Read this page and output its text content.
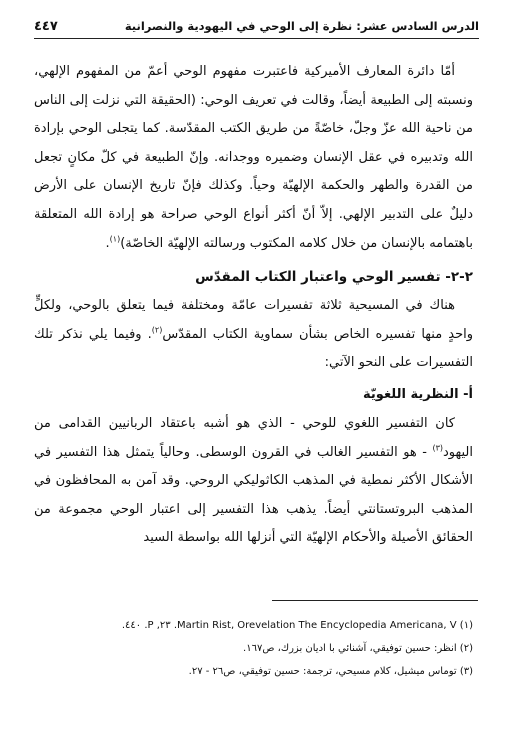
٤٤٧	الدرس السادس عشر: نظرة إلى الوحي في اليهودية والنصرانية

أمّا دائرة المعارف الأميركية فاعتبرت مفهوم الوحي أعمّ من المفهوم الإلهي، ونسبته إلى الطبيعة أيضاً، وقالت في تعريف الوحي: (الحقيقة التي نزلت إلى الناس من ناحية الله عزّ وجلّ، خاصّةً من طريق الكتب المقدّسة. كما يتجلى الوحي بإرادة الله وتدبيره في عقل الإنسان وضميره ووجدانه. وإنّ الطبيعة في كلّ مكانٍ تجعل من القدرة والطهر والحكمة الإلهيّة وحياً. وكذلك فإنّ تاريخ الإنسان على الأرض دليلٌ على التدبير الإلهي. إلاّ أنّ أكثر أنواع الوحي صراحة هو إرادة الله المتعلقة باهتمامه بالإنسان من خلال كلامه المكتوب ورسالته الإلهيّة الخاصّة)$^{(١)}$.

٢-٢- تفسير الوحي واعتبار الكتاب المقدّس

هناك في المسيحية ثلاثة تفسيرات عامّة ومختلفة فيما يتعلق بالوحي، ولكلٍّ واحدٍ منها تفسيره الخاص بشأن سماوية الكتاب المقدّس$^{(٢)}$. وفيما يلي نذكر تلك التفسيرات على النحو الآتي:

أ- النظرية اللغويّة

كان التفسير اللغوي للوحي - الذي هو أشبه باعتقاد الربانيين القدامى من اليهود$^{(٣)}$ - هو التفسير الغالب في القرون الوسطى. وحالياً يتمثل هذا التفسير في الأشكال الأكثر نمطية في المذهب الكاثوليكي الروحي. وقد آمن به المحافظون في المذهب البروتستانتي أيضاً. يذهب هذا التفسير إلى اعتبار الوحي مجموعة من الحقائق الأصيلة والأحكام الإلهيّة التي أنزلها الله بواسطة السيد

(١) Martin Rist, Orevelation The Encyclopedia Americana, V. ٢٣, P. ٤٤٠.
(٢) انظر: حسين توفيقي، آشنائي با اديان بزرك، ص١٦٧.
(٣) توماس ميشيل، كلام مسيحي، ترجمة: حسين توفيقي، ص٢٦ - ٢٧.
